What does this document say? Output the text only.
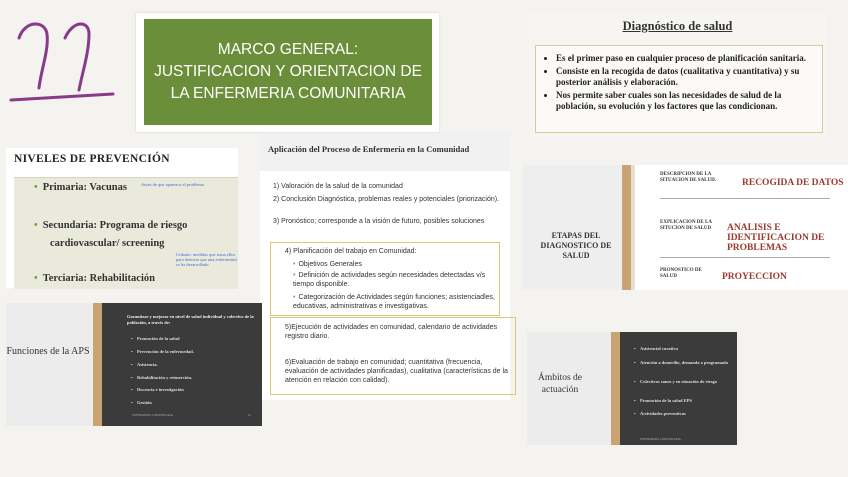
MARCO GENERAL:
JUSTIFICACION Y ORIENTACION DE
LA ENFERMERIA COMUNITARIA
Diagnóstico de salud
• Es el primer paso en cualquier proceso de planificación sanitaria.
• Consiste en la recogida de datos (cualitativa y cuantitativa) y su posterior análisis y elaboración.
• Nos permite saber cuales son las necesidades de salud de la población, su evolución y los factores que las condicionan.
NIVELES DE PREVENCIÓN
• Primaria: Vacunas	Antes de que aparezca el problema
• Secundaria: Programa de riesgo
cardiovascular/ screening
Cribado: medidas que toma ellos para detectar que una enfermedad se ha desarrollado
• Terciaria: Rehabilitación
Aplicación del Proceso de Enfermería en la Comunidad
1) Valoración de la salud de la comunidad
2) Conclusión Diagnóstica, problemas reales y potenciales (priorización).
3) Pronóstico; corresponde a la visión de futuro, posibles soluciones
4) Planificación del trabajo en Comunidad:
• Objetivos Generales
• Definición de actividades según necesidades detectadas v/s tiempo disponible.
• Categorización de Actividades según funciones; asistenciadles, educativas, administrativas e investigativas.
5)Ejecución de actividades en comunidad, calendario de actividades registro diario.
6)Evaluación de trabajo en comunidad; cuantitativa (frecuencia, evaluación de actividades planificadas), cualitativa (características de la atención en relación con calidad).
ETAPAS DEL DIAGNOSTICO DE SALUD
DESCRIPCION DE LA SITUACION DE SALUD.	RECOGIDA DE DATOS
EXPLICACION DE LA SITUCION DE SALUD	ANALISIS E IDENTIFICACION DE PROBLEMAS
PRONOSTICO DE SALUD	PROYECCION
Funciones de la APS
Garantizar y mejorar en nivel de salud individual y colectivo de la población, a través de:
• Promoción de la salud
• Prevención de la enfermedad.
• Asistencia.
• Rehabilitación y reinserción.
• Docencia e investigación
• Gestión
ENFERMERÍA COMUNITARIA	10
Ámbitos de actuación
• Asistencial curativa
• Atención a domicilio, demanda o programada
• Colectivos sanos y en situación de riesgo
• Promoción de la salud EPS
• Actividades preventivas
ENFERMERÍA COMUNITARIA
